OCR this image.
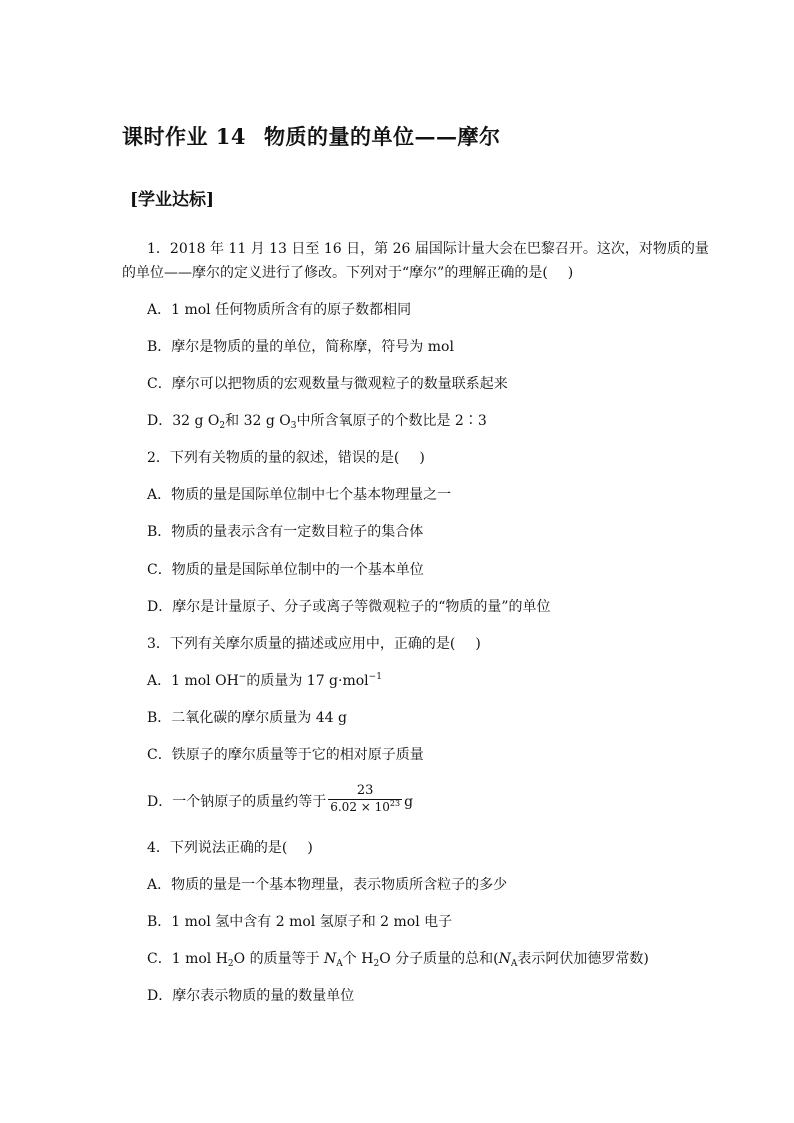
课时作业 14 物质的量的单位——摩尔
[学业达标]
1．2018 年 11 月 13 日至 16 日，第 26 届国际计量大会在巴黎召开。这次，对物质的量
的单位——摩尔的定义进行了修改。下列对于“摩尔”的理解正确的是( )
A．1 mol 任何物质所含有的原子数都相同
B．摩尔是物质的量的单位，简称摩，符号为 mol
C．摩尔可以把物质的宏观数量与微观粒子的数量联系起来
D．32 g $O_2$和 32 g $O_3$中所含氧原子的个数比是 2∶3
2．下列有关物质的量的叙述，错误的是( )
A．物质的量是国际单位制中七个基本物理量之一
B．物质的量表示含有一定数目粒子的集合体
C．物质的量是国际单位制中的一个基本单位
D．摩尔是计量原子、分子或离子等微观粒子的“物质的量”的单位
3．下列有关摩尔质量的描述或应用中，正确的是( )
A．1 mol OH−的质量为 17 g·mol$^{-1}$
B．二氧化碳的摩尔质量为 44 g
C．铁原子的摩尔质量等于它的相对原子质量
D．一个钠原子的质量约等于 $\frac{23}{6.02 \times 10^{23}}$ g
4．下列说法正确的是( )
A．物质的量是一个基本物理量，表示物质所含粒子的多少
B．1 mol 氢中含有 2 mol 氢原子和 2 mol 电子
C．1 mol $H_2O$ 的质量等于 $N_A$个 $H_2O$ 分子质量的总和($N_A$表示阿伏加德罗常数)
D．摩尔表示物质的量的数量单位
